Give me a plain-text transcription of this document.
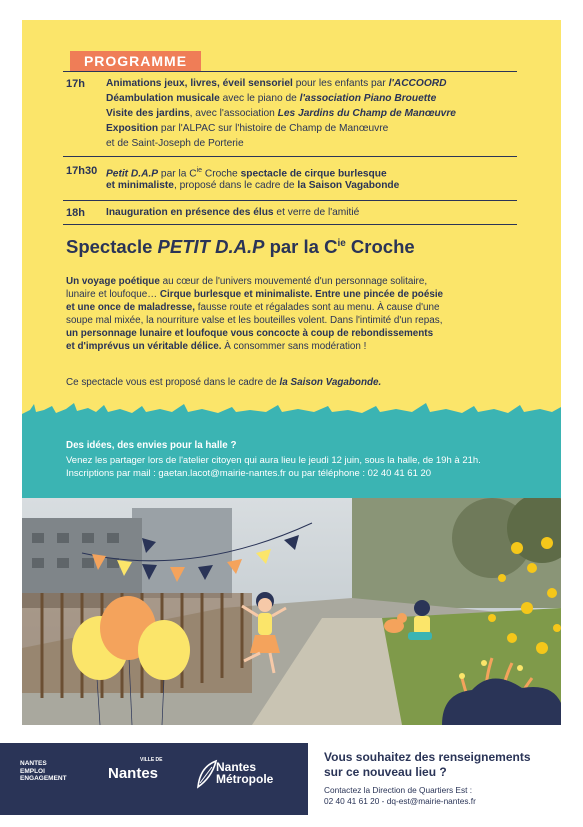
PROGRAMME
17h Animations jeux, livres, éveil sensoriel pour les enfants par l'ACCOORD
Déambulation musicale avec le piano de l'association Piano Brouette
Visite des jardins, avec l'association Les Jardins du Champ de Manœuvre
Exposition par l'ALPAC sur l'histoire de Champ de Manœuvre
et de Saint-Joseph de Porterie
17h30 Petit D.A.P par la $C^{ie}$ Croche spectacle de cirque burlesque
et minimaliste, proposé dans le cadre de la Saison Vagabonde
18h Inauguration en présence des élus et verre de l'amitié
Spectacle PETIT D.A.P par la $C^{ie}$ Croche
Un voyage poétique au cœur de l'univers mouvementé d'un personnage solitaire,
lunaire et loufoque… Cirque burlesque et minimaliste. Entre une pincée de poésie
et une once de maladresse, fausse route et régalades sont au menu. À cause d'une
soupe mal mixée, la nourriture valse et les bouteilles volent. Dans l'intimité d'un repas,
un personnage lunaire et loufoque vous concocte à coup de rebondissements
et d'imprévus un véritable délice. À consommer sans modération !
Ce spectacle vous est proposé dans le cadre de la Saison Vagabonde.
Des idées, des envies pour la halle ?
Venez les partager lors de l'atelier citoyen qui aura lieu le jeudi 12 juin, sous la halle, de 19h à 21h.
Inscriptions par mail : gaetan.lacot@mairie-nantes.fr ou par téléphone : 02 40 41 61 20
NANTES
EMPLOI
ENGAGEMENT
VILLE DE
Nantes	Nantes
Métropole
Vous souhaitez des renseignements
sur ce nouveau lieu ?
Contactez la Direction de Quartiers Est :
02 40 41 61 20 - dq-est@mairie-nantes.fr
